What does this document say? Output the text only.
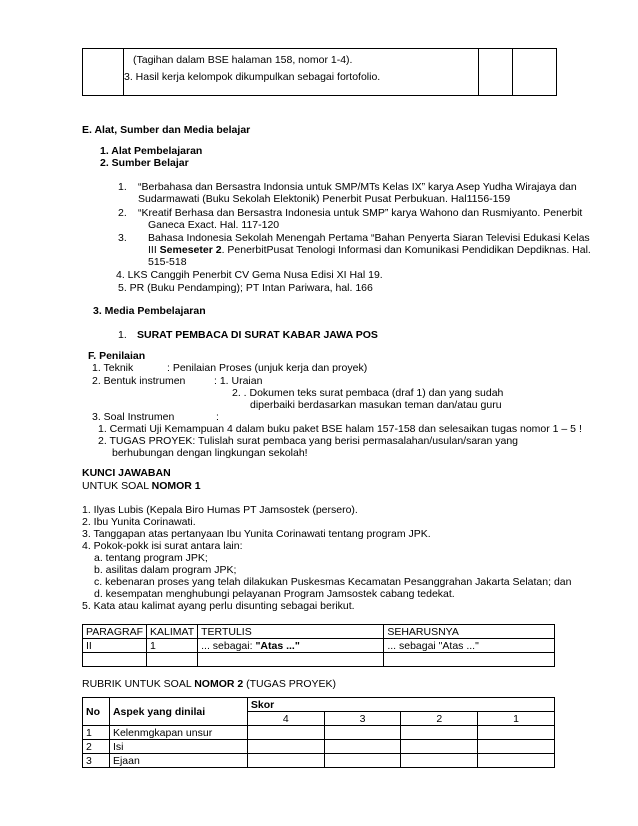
(Tagihan dalam BSE halaman 158, nomor 1-4).
3. Hasil kerja kelompok dikumpulkan sebagai fortofolio.
E. Alat, Sumber dan Media belajar
1. Alat Pembelajaran
2. Sumber Belajar
1. “Berbahasa dan Bersastra Indonsia untuk SMP/MTs Kelas IX” karya Asep Yudha Wirajaya dan
Sudarmawati (Buku Sekolah Elektonik) Penerbit Pusat Perbukuan. Hal1156-159
2. “Kreatif Berhasa dan Bersastra Indonesia untuk SMP” karya Wahono dan Rusmiyanto. Penerbit
Ganeca Exact. Hal. 117-120
3. Bahasa Indonesia Sekolah Menengah Pertama “Bahan Penyerta Siaran Televisi Edukasi Kelas
III Semeseter 2. PenerbitPusat Tenologi Informasi dan Komunikasi Pendidikan Depdiknas. Hal.
515-518
4. LKS Canggih Penerbit CV Gema Nusa Edisi XI Hal 19.
5. PR (Buku Pendamping); PT Intan Pariwara, hal. 166
3. Media Pembelajaran
1. SURAT PEMBACA DI SURAT KABAR JAWA POS
F. Penilaian
1. Teknik	: Penilaian Proses (unjuk kerja dan proyek)
2. Bentuk instrumen	: 1. Uraian
2. . Dokumen teks surat pembaca (draf 1) dan yang sudah
diperbaiki berdasarkan masukan teman dan/atau guru
3. Soal Instrumen	:
1. Cermati Uji Kemampuan 4 dalam buku paket BSE halam 157-158 dan selesaikan tugas nomor 1 – 5 !
2. TUGAS PROYEK: Tulislah surat pembaca yang berisi permasalahan/usulan/saran yang
berhubungan dengan lingkungan sekolah!
KUNCI JAWABAN
UNTUK SOAL NOMOR 1
1. Ilyas Lubis (Kepala Biro Humas PT Jamsostek (persero).
2. Ibu Yunita Corinawati.
3. Tanggapan atas pertanyaan Ibu Yunita Corinawati tentang program JPK.
4. Pokok-pokk isi surat antara lain:
a. tentang program JPK;
b. asilitas dalam program JPK;
c. kebenaran proses yang telah dilakukan Puskesmas Kecamatan Pesanggrahan Jakarta Selatan; dan
d. kesempatan menghubungi pelayanan Program Jamsostek cabang tedekat.
5. Kata atau kalimat ayang perlu disunting sebagai berikut.
PARAGRAF	KALIMAT	TERTULIS	SEHARUSNYA
II	1	... sebagai: "Atas ..."	... sebagai "Atas ..."

RUBRIK UNTUK SOAL NOMOR 2 (TUGAS PROYEK)
No	Aspek yang dinilai	Skor			
		4	3	2	1
1	Kelenmgkapan unsur				
2	Isi				
3	Ejaan				
